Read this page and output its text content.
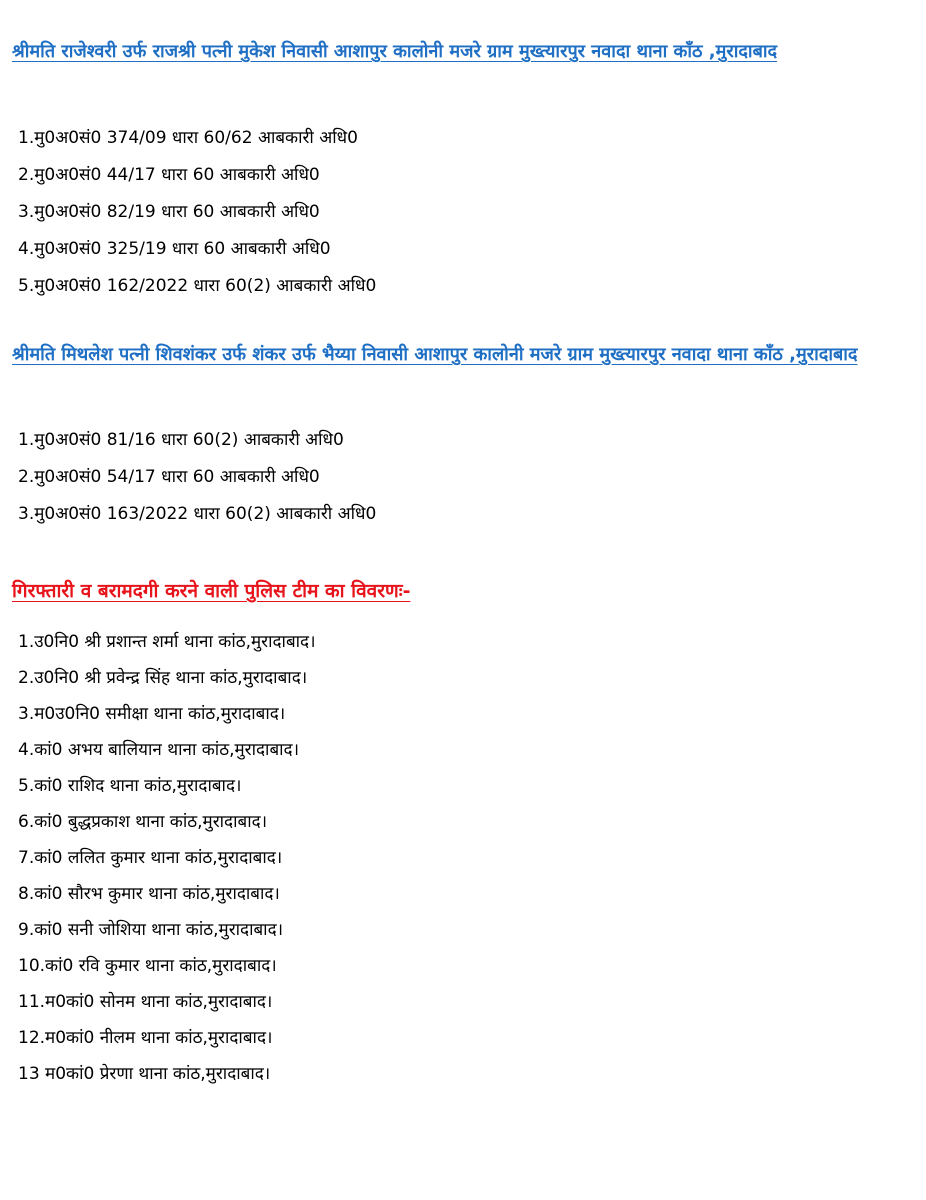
श्रीमति राजेश्वरी उर्फ राजश्री पत्नी मुकेश निवासी आशापुर कालोनी मजरे ग्राम मुख्त्यारपुर नवादा थाना काँठ ,मुरादाबाद

1.मु0अ0सं0 374/09 धारा 60/62 आबकारी अधि0
2.मु0अ0सं0 44/17 धारा 60 आबकारी अधि0
3.मु0अ0सं0 82/19 धारा 60 आबकारी अधि0
4.मु0अ0सं0 325/19 धारा 60 आबकारी अधि0
5.मु0अ0सं0 162/2022 धारा 60(2) आबकारी अधि0

श्रीमति मिथलेश पत्नी शिवशंकर उर्फ शंकर उर्फ भैय्या निवासी आशापुर कालोनी मजरे ग्राम मुख्त्यारपुर नवादा थाना काँठ ,मुरादाबाद

1.मु0अ0सं0 81/16 धारा 60(2) आबकारी अधि0
2.मु0अ0सं0 54/17 धारा 60 आबकारी अधि0
3.मु0अ0सं0 163/2022 धारा 60(2) आबकारी अधि0

गिरफ्तारी व बरामदगी करने वाली पुलिस टीम का विवरणः-

1.उ0नि0 श्री प्रशान्त शर्मा थाना कांठ,मुरादाबाद।
2.उ0नि0 श्री प्रवेन्द्र सिंह थाना कांठ,मुरादाबाद।
3.म0उ0नि0 समीक्षा थाना कांठ,मुरादाबाद।
4.कां0 अभय बालियान थाना कांठ,मुरादाबाद।
5.कां0 राशिद थाना कांठ,मुरादाबाद।
6.कां0 बुद्धप्रकाश थाना कांठ,मुरादाबाद।
7.कां0 ललित कुमार थाना कांठ,मुरादाबाद।
8.कां0 सौरभ कुमार थाना कांठ,मुरादाबाद।
9.कां0 सनी जोशिया थाना कांठ,मुरादाबाद।
10.कां0 रवि कुमार थाना कांठ,मुरादाबाद।
11.म0कां0 सोनम थाना कांठ,मुरादाबाद।
12.म0कां0 नीलम थाना कांठ,मुरादाबाद।
13 म0कां0 प्रेरणा थाना कांठ,मुरादाबाद।
